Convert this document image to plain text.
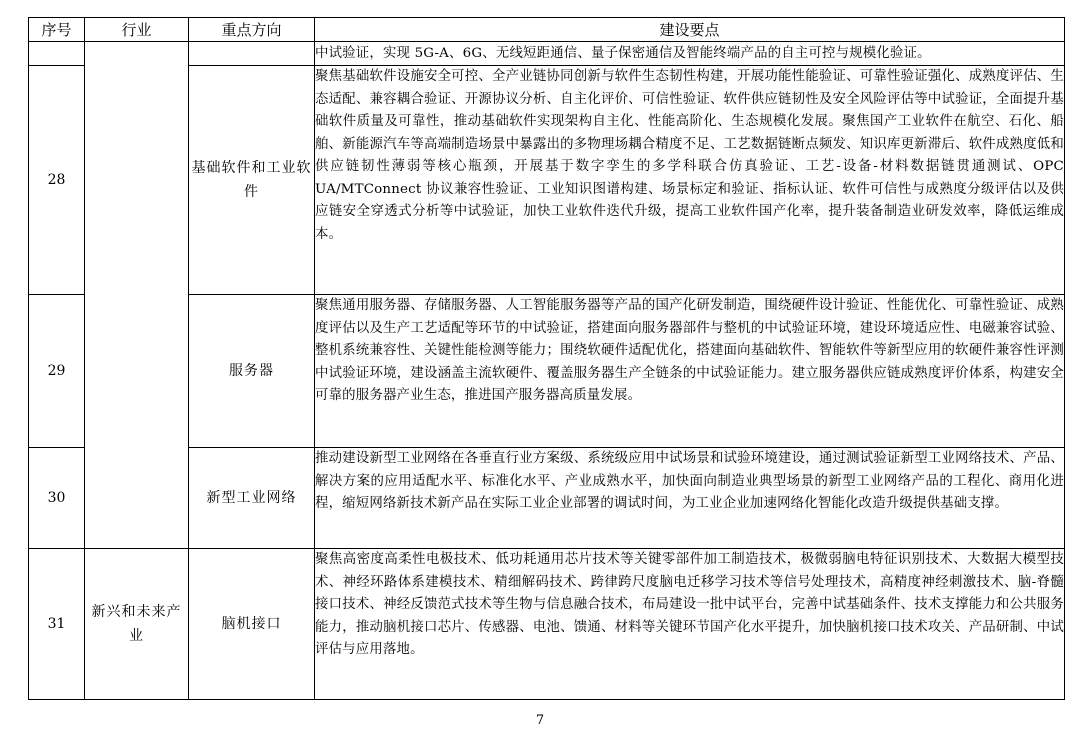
序号	行业	重点方向	建设要点

			中试验证，实现 5G-A、6G、无线短距通信、量子保密通信及智能终端产品的自主可控与规模化验证。

28		基础软件和工业软件	聚焦基础软件设施安全可控、全产业链协同创新与软件生态韧性构建，开展功能性能验证、可靠性验证强化、成熟度评估、生态适配、兼容耦合验证、开源协议分析、自主化评价、可信性验证、软件供应链韧性及安全风险评估等中试验证，全面提升基础软件质量及可靠性，推动基础软件实现架构自主化、性能高阶化、生态规模化发展。聚焦国产工业软件在航空、石化、船舶、新能源汽车等高端制造场景中暴露出的多物理场耦合精度不足、工艺数据链断点频发、知识库更新滞后、软件成熟度低和供应链韧性薄弱等核心瓶颈，开展基于数字孪生的多学科联合仿真验证、工艺-设备-材料数据链贯通测试、OPC UA/MTConnect 协议兼容性验证、工业知识图谱构建、场景标定和验证、指标认证、软件可信性与成熟度分级评估以及供应链安全穿透式分析等中试验证，加快工业软件迭代升级，提高工业软件国产化率，提升装备制造业研发效率，降低运维成本。

29		服务器	聚焦通用服务器、存储服务器、人工智能服务器等产品的国产化研发制造，围绕硬件设计验证、性能优化、可靠性验证、成熟度评估以及生产工艺适配等环节的中试验证，搭建面向服务器部件与整机的中试验证环境，建设环境适应性、电磁兼容试验、整机系统兼容性、关键性能检测等能力；围绕软硬件适配优化，搭建面向基础软件、智能软件等新型应用的软硬件兼容性评测中试验证环境，建设涵盖主流软硬件、覆盖服务器生产全链条的中试验证能力。建立服务器供应链成熟度评价体系，构建安全可靠的服务器产业生态，推进国产服务器高质量发展。

30		新型工业网络	推动建设新型工业网络在各垂直行业方案级、系统级应用中试场景和试验环境建设，通过测试验证新型工业网络技术、产品、解决方案的应用适配水平、标准化水平、产业成熟水平，加快面向制造业典型场景的新型工业网络产品的工程化、商用化进程，缩短网络新技术新产品在实际工业企业部署的调试时间，为工业企业加速网络化智能化改造升级提供基础支撑。

31	新兴和未来产业	脑机接口	聚焦高密度高柔性电极技术、低功耗通用芯片技术等关键零部件加工制造技术，极微弱脑电特征识别技术、大数据大模型技术、神经环路体系建模技术、精细解码技术、跨律跨尺度脑电迁移学习技术等信号处理技术，高精度神经刺激技术、脑-脊髓接口技术、神经反馈范式技术等生物与信息融合技术，布局建设一批中试平台，完善中试基础条件、技术支撑能力和公共服务能力，推动脑机接口芯片、传感器、电池、馈通、材料等关键环节国产化水平提升，加快脑机接口技术攻关、产品研制、中试评估与应用落地。

7
